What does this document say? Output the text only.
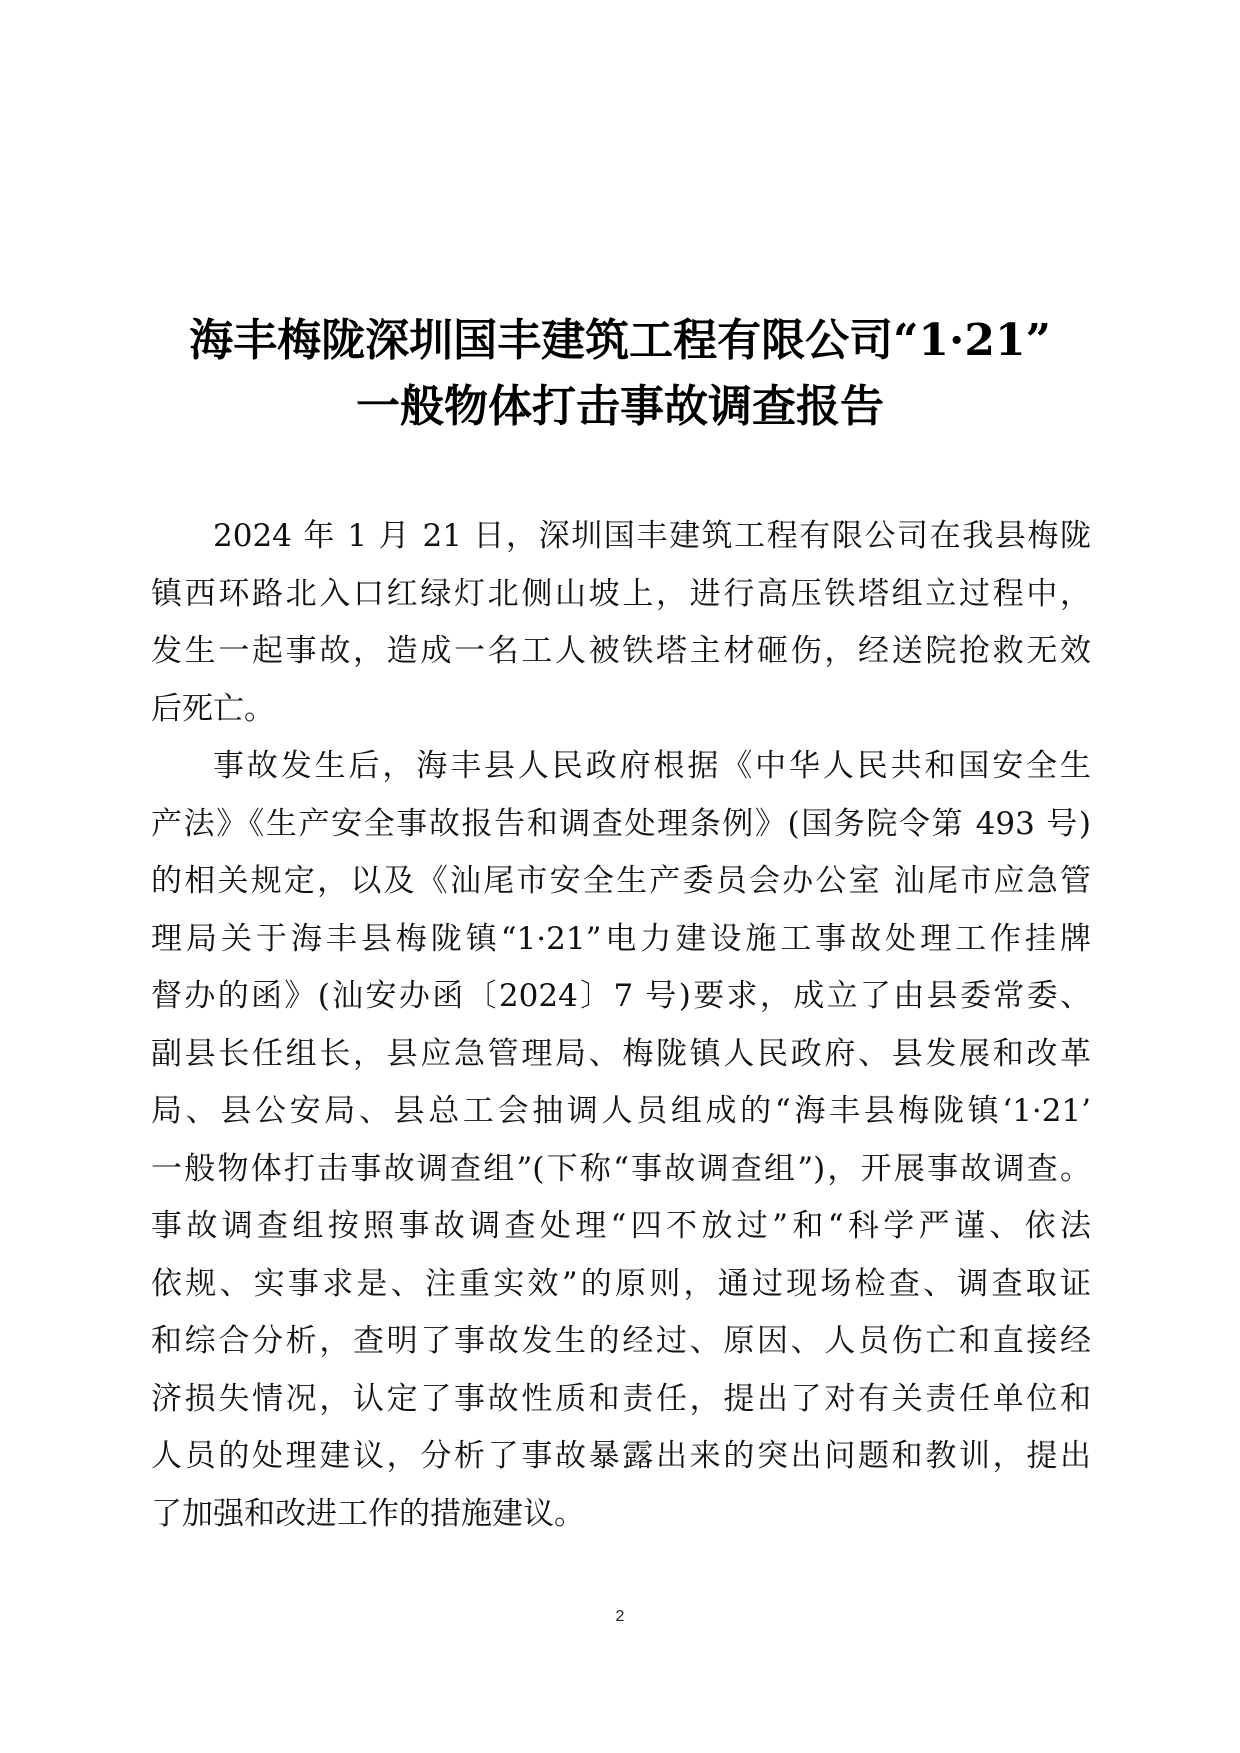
海丰梅陇深圳国丰建筑工程有限公司“1·21”
一般物体打击事故调查报告
2024 年 1 月 21 日，深圳国丰建筑工程有限公司在我县梅陇
镇西环路北入口红绿灯北侧山坡上，进行高压铁塔组立过程中，
发生一起事故，造成一名工人被铁塔主材砸伤，经送院抢救无效
后死亡。
事故发生后，海丰县人民政府根据《中华人民共和国安全生
产法》《生产安全事故报告和调查处理条例》(国务院令第 493 号)
的相关规定，以及《汕尾市安全生产委员会办公室 汕尾市应急管
理局关于海丰县梅陇镇“1·21”电力建设施工事故处理工作挂牌
督办的函》(汕安办函〔2024〕7 号)要求，成立了由县委常委、
副县长任组长，县应急管理局、梅陇镇人民政府、县发展和改革
局、县公安局、县总工会抽调人员组成的“海丰县梅陇镇‘1·21’
一般物体打击事故调查组”(下称“事故调查组”)，开展事故调查。
事故调查组按照事故调查处理“四不放过”和“科学严谨、依法
依规、实事求是、注重实效”的原则，通过现场检查、调查取证
和综合分析，查明了事故发生的经过、原因、人员伤亡和直接经
济损失情况，认定了事故性质和责任，提出了对有关责任单位和
人员的处理建议，分析了事故暴露出来的突出问题和教训，提出
了加强和改进工作的措施建议。
2
